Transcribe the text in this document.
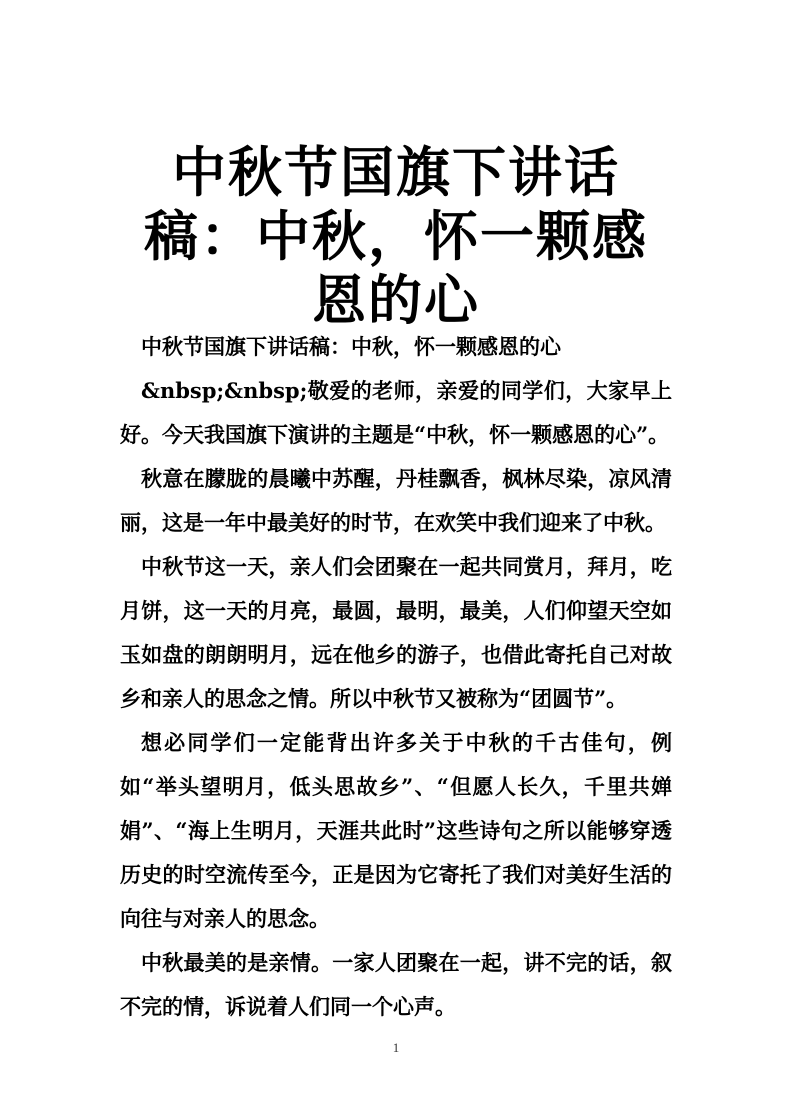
中秋节国旗下讲话稿：中秋，怀一颗感恩的心

中秋节国旗下讲话稿：中秋，怀一颗感恩的心

&nbsp;&nbsp;敬爱的老师，亲爱的同学们，大家早上好。今天我国旗下演讲的主题是“中秋，怀一颗感恩的心”。

秋意在朦胧的晨曦中苏醒，丹桂飘香，枫林尽染，凉风清丽，这是一年中最美好的时节，在欢笑中我们迎来了中秋。

中秋节这一天，亲人们会团聚在一起共同赏月，拜月，吃月饼，这一天的月亮，最圆，最明，最美，人们仰望天空如玉如盘的朗朗明月，远在他乡的游子，也借此寄托自己对故乡和亲人的思念之情。所以中秋节又被称为“团圆节”。

想必同学们一定能背出许多关于中秋的千古佳句，例如“举头望明月，低头思故乡”、“但愿人长久，千里共婵娟”、“海上生明月，天涯共此时”这些诗句之所以能够穿透历史的时空流传至今，正是因为它寄托了我们对美好生活的向往与对亲人的思念。

中秋最美的是亲情。一家人团聚在一起，讲不完的话，叙不完的情，诉说着人们同一个心声。

1
